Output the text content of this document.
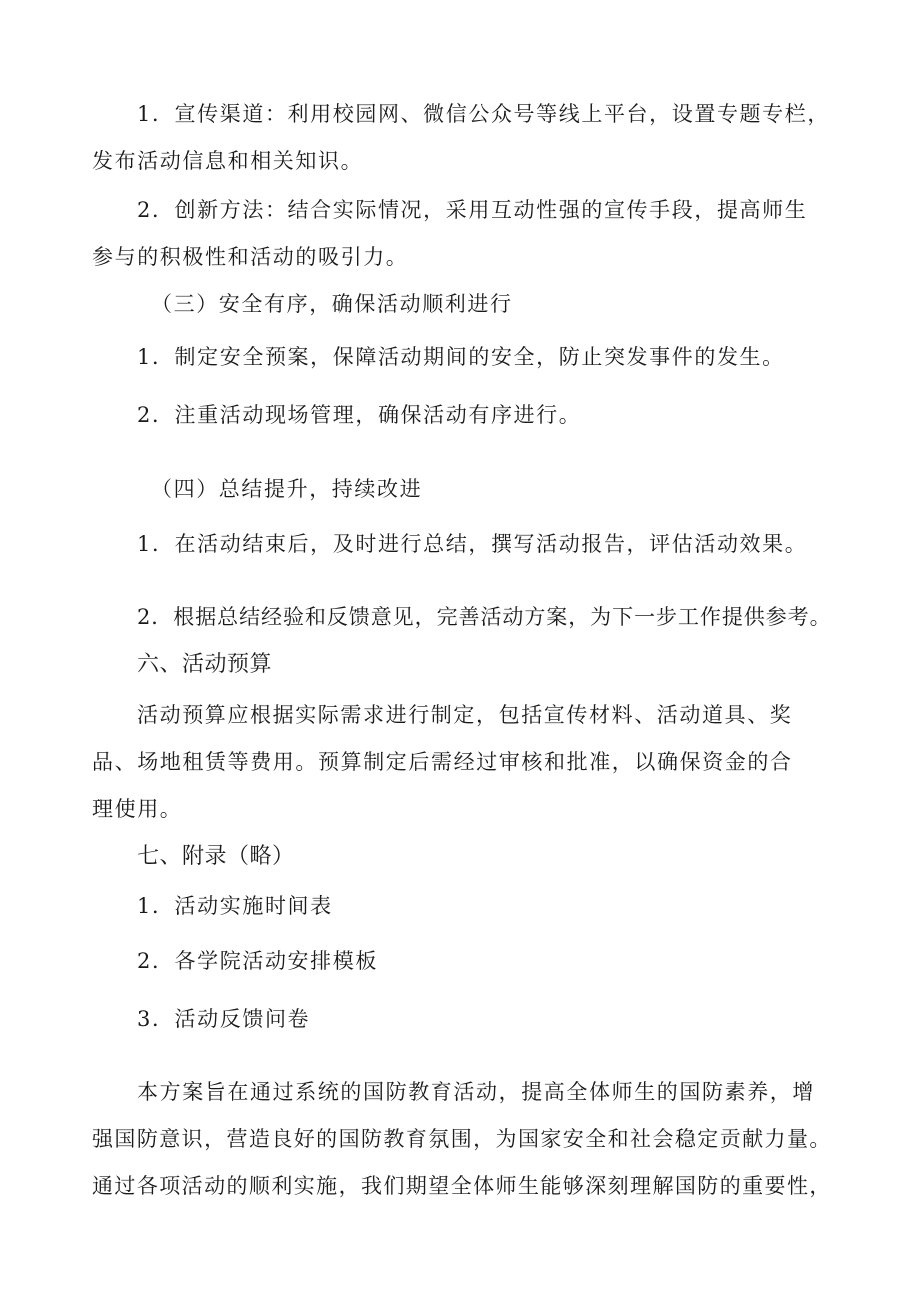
1．宣传渠道：利用校园网、微信公众号等线上平台，设置专题专栏，
发布活动信息和相关知识。
2．创新方法：结合实际情况，采用互动性强的宣传手段，提高师生
参与的积极性和活动的吸引力。
（三）安全有序，确保活动顺利进行
1．制定安全预案，保障活动期间的安全，防止突发事件的发生。
2．注重活动现场管理，确保活动有序进行。
（四）总结提升，持续改进
1．在活动结束后，及时进行总结，撰写活动报告，评估活动效果。
2．根据总结经验和反馈意见，完善活动方案，为下一步工作提供参考。
六、活动预算
活动预算应根据实际需求进行制定，包括宣传材料、活动道具、奖
品、场地租赁等费用。预算制定后需经过审核和批准，以确保资金的合
理使用。
七、附录（略）
1．活动实施时间表
2．各学院活动安排模板
3．活动反馈问卷
本方案旨在通过系统的国防教育活动，提高全体师生的国防素养，增
强国防意识，营造良好的国防教育氛围，为国家安全和社会稳定贡献力量。
通过各项活动的顺利实施，我们期望全体师生能够深刻理解国防的重要性，
